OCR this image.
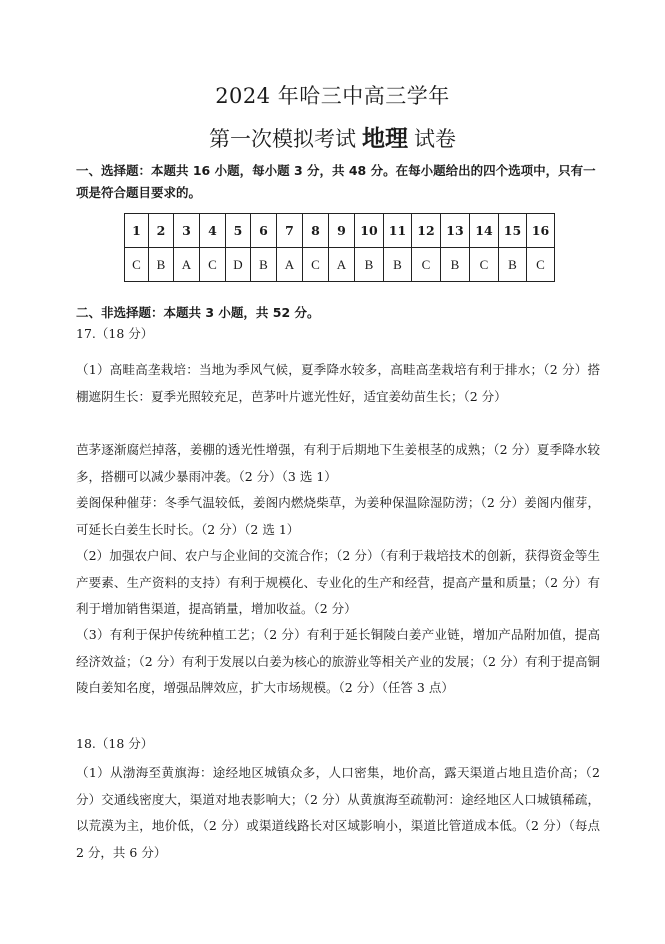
2024 年哈三中高三学年
第一次模拟考试 地理 试卷
一、选择题：本题共 16 小题，每小题 3 分，共 48 分。在每小题给出的四个选项中，只有一项是符合题目要求的。
1	2	3	4	5	6	7	8	9	10	11	12	13	14	15	16
C	B	A	C	D	B	A	C	A	B	B	C	B	C	B	C
二、非选择题：本题共 3 小题，共 52 分。
17.（18 分）
（1）高畦高垄栽培：当地为季风气候，夏季降水较多，高畦高垄栽培有利于排水；（2 分）搭棚遮阴生长：夏季光照较充足，芭茅叶片遮光性好，适宜姜幼苗生长；（2 分）
芭茅逐渐腐烂掉落，姜棚的透光性增强，有利于后期地下生姜根茎的成熟；（2 分）夏季降水较多，搭棚可以减少暴雨冲袭。（2 分）（3 选 1）
姜阁保种催芽：冬季气温较低，姜阁内燃烧柴草，为姜种保温除湿防涝；（2 分）姜阁内催芽，可延长白姜生长时长。（2 分）（2 选 1）
（2）加强农户间、农户与企业间的交流合作；（2 分）（有利于栽培技术的创新，获得资金等生产要素、生产资料的支持）有利于规模化、专业化的生产和经营，提高产量和质量；（2 分）有利于增加销售渠道，提高销量，增加收益。（2 分）
（3）有利于保护传统种植工艺；（2 分）有利于延长铜陵白姜产业链，增加产品附加值，提高经济效益；（2 分）有利于发展以白姜为核心的旅游业等相关产业的发展；（2 分）有利于提高铜陵白姜知名度，增强品牌效应，扩大市场规模。（2 分）（任答 3 点）
18.（18 分）
（1）从渤海至黄旗海：途经地区城镇众多，人口密集，地价高，露天渠道占地且造价高；（2 分）交通线密度大，渠道对地表影响大；（2 分）从黄旗海至疏勒河：途经地区人口城镇稀疏，以荒漠为主，地价低，（2 分）或渠道线路长对区域影响小，渠道比管道成本低。（2 分）（每点 2 分，共 6 分）
